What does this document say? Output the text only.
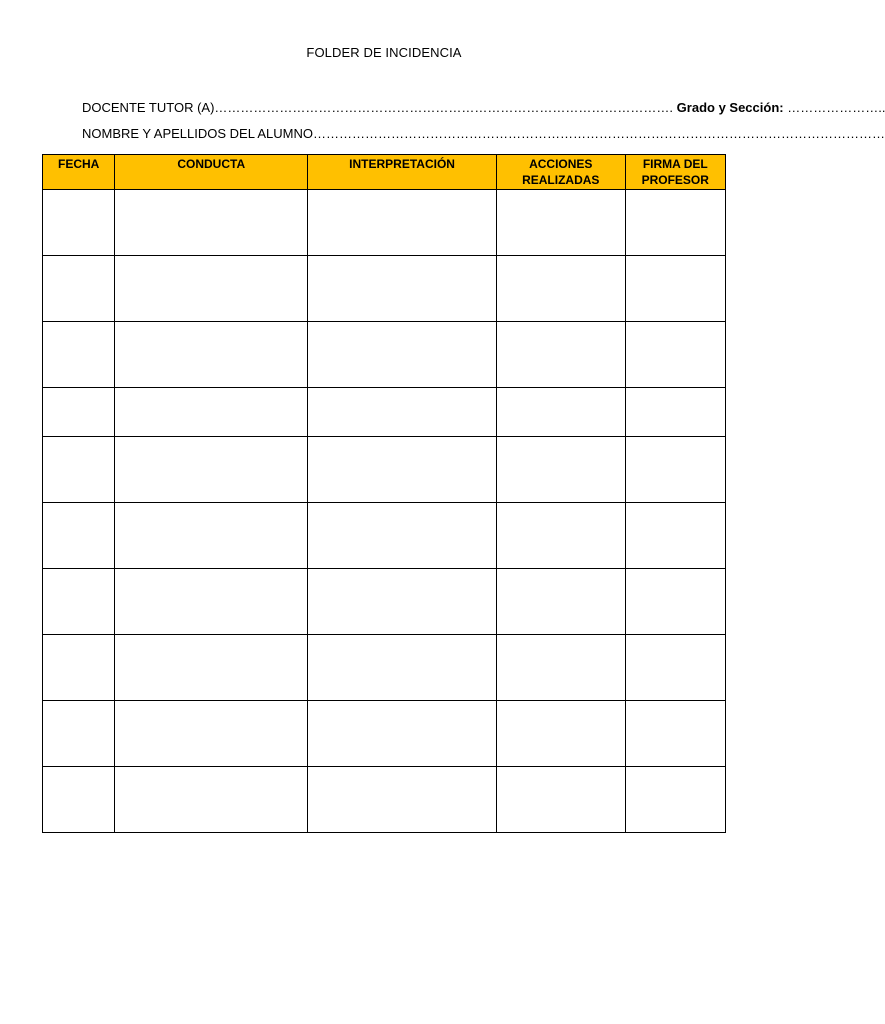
FOLDER DE INCIDENCIA
DOCENTE TUTOR (A)……………………………………………………………………………………………. Grado y Sección: …………………..
NOMBRE Y APELLIDOS DEL ALUMNO……………………………………………………………………………………………………………………
FECHA	CONDUCTA	INTERPRETACIÓN	ACCIONES REALIZADAS	FIRMA DEL PROFESOR
